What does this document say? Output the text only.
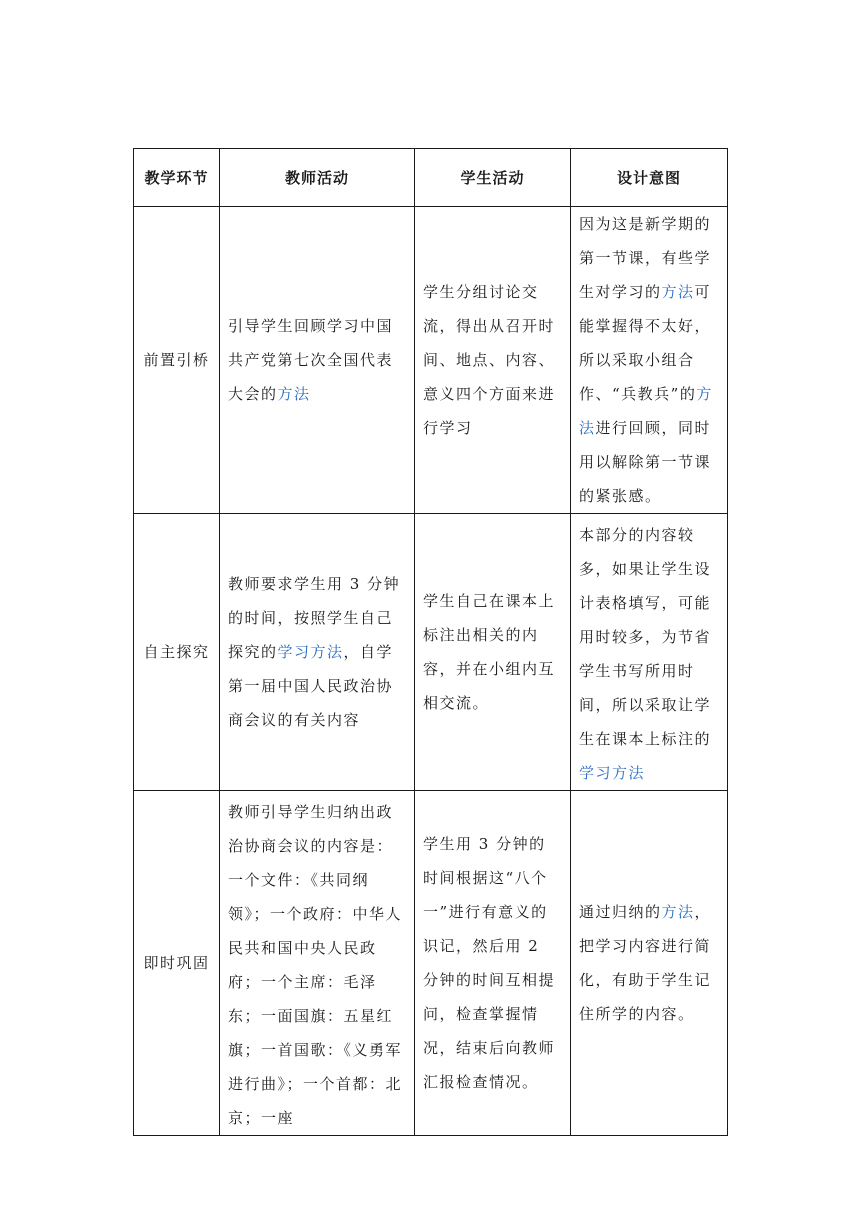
教学环节	教师活动	学生活动	设计意图
前置引桥	引导学生回顾学习中国共产党第七次全国代表大会的方法	学生分组讨论交流，得出从召开时间、地点、内容、意义四个方面来进行学习	因为这是新学期的第一节课，有些学生对学习的方法可能掌握得不太好，所以采取小组合作、“兵教兵”的方法进行回顾，同时用以解除第一节课的紧张感。
自主探究	教师要求学生用 3 分钟的时间，按照学生自己探究的学习方法，自学第一届中国人民政治协商会议的有关内容	学生自己在课本上标注出相关的内容，并在小组内互相交流。	本部分的内容较多，如果让学生设计表格填写，可能用时较多，为节省学生书写所用时间，所以采取让学生在课本上标注的学习方法
即时巩固	教师引导学生归纳出政治协商会议的内容是：一个文件：《共同纲领》；一个政府：中华人民共和国中央人民政府；一个主席：毛泽东；一面国旗：五星红旗；一首国歌：《义勇军进行曲》；一个首都：北京；一座	学生用 3 分钟的时间根据这“八个一”进行有意义的识记，然后用 2 分钟的时间互相提问，检查掌握情况，结束后向教师汇报检查情况。	通过归纳的方法，把学习内容进行简化，有助于学生记住所学的内容。
